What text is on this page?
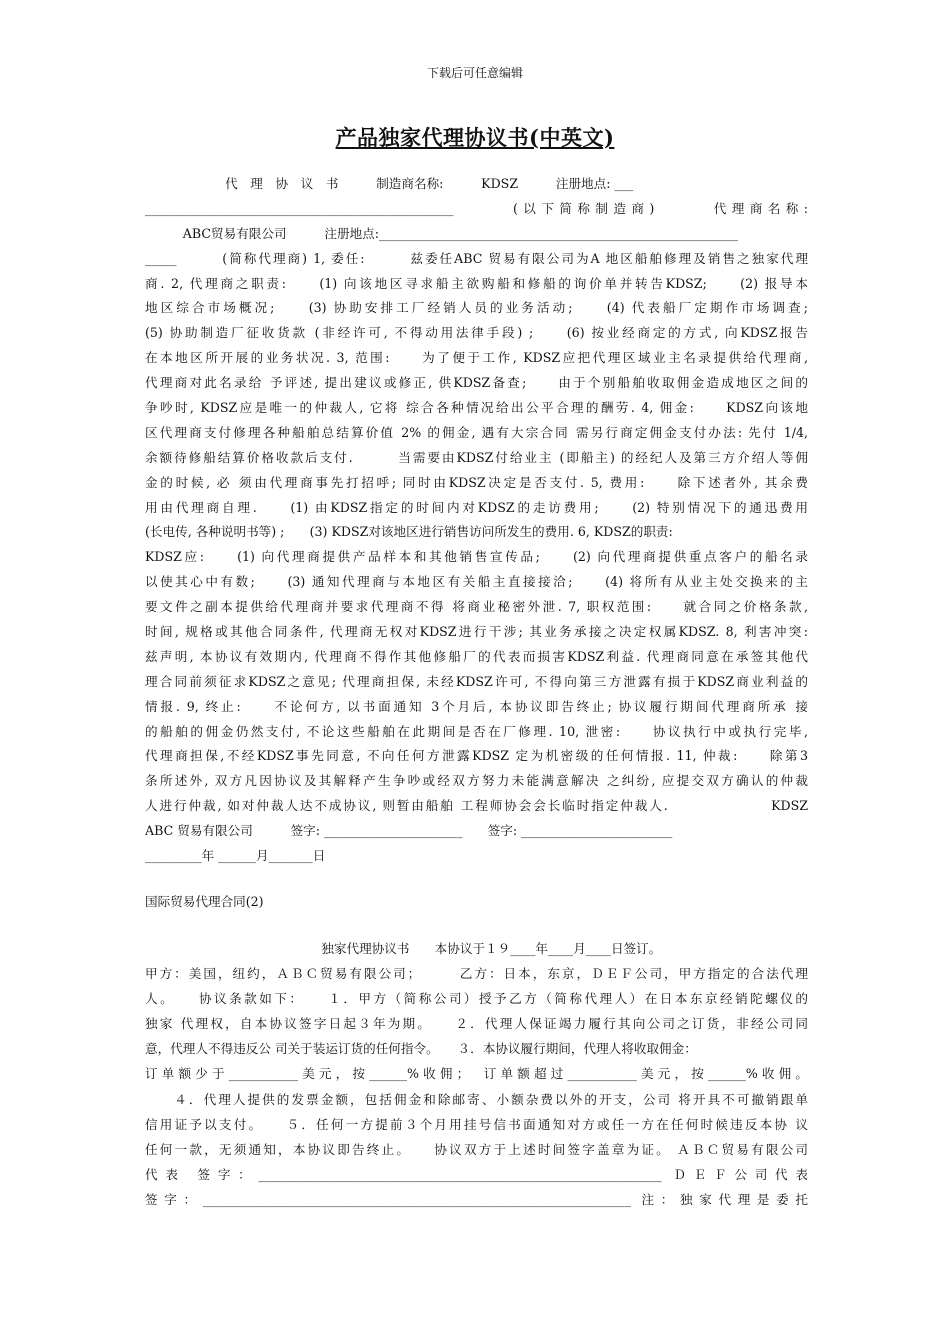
下载后可任意编辑
产品独家代理协议书(中英文)
代　理　协　议　书　　　制造商名称:　　　KDSZ　　　注册地点: ___
_________________________________________________　　　(以下简称制造商)　　　代理商名称:
　　　ABC贸易有限公司　　　注册地点:_________________________________________________________
_____　　　(简称代理商) 1, 委任:　　　兹委任ABC 贸易有限公司为A 地区船舶修理及销售之独家代理
商. 2, 代理商之职责:　　(1) 向该地区寻求船主欲购船和修船的询价单并转告KDSZ;　　(2) 报导本
地区综合市场概况;　　(3) 协助安排工厂经销人员的业务活动;　　(4) 代表船厂定期作市场调查;
(5) 协助制造厂征收货款 (非经许可, 不得动用法律手段) ;　　(6) 按业经商定的方式, 向KDSZ报告
在本地区所开展的业务状况. 3, 范围:　　为了便于工作, KDSZ应把代理区域业主名录提供给代理商,
代理商对此名录给 予评述, 提出建议或修正, 供KDSZ备查;　　由于个别船舶收取佣金造成地区之间的
争吵时, KDSZ应是唯一的仲裁人, 它将 综合各种情况给出公平合理的酬劳. 4, 佣金:　　KDSZ向该地
区代理商支付修理各种船舶总结算价值 2% 的佣金, 遇有大宗合同 需另行商定佣金支付办法: 先付 1/4,
余额待修船结算价格收款后支付.　　　当需要由KDSZ付给业主 (即船主) 的经纪人及第三方介绍人等佣
金的时候, 必 须由代理商事先打招呼; 同时由KDSZ决定是否支付. 5, 费用:　　除下述者外, 其余费
用由代理商自理.　　(1) 由KDSZ指定的时间内对KDSZ的走访费用;　　(2) 特别情况下的通迅费用
(长电传, 各种说明书等) ;　　(3) KDSZ对该地区进行销售访问所发生的费用. 6, KDSZ的职责:
KDSZ应:　　(1) 向代理商提供产品样本和其他销售宣传品;　　(2) 向代理商提供重点客户的船名录
以使其心中有数;　　(3) 通知代理商与本地区有关船主直接接洽;　　(4) 将所有从业主处交换来的主
要文件之副本提供给代理商并要求代理商不得 将商业秘密外泄. 7, 职权范围:　　就合同之价格条款,
时间, 规格或其他合同条件, 代理商无权对KDSZ进行干涉; 其业务承接之决定权属KDSZ. 8, 利害冲突:
兹声明, 本协议有效期内, 代理商不得作其他修船厂的代表而损害KDSZ利益. 代理商同意在承签其他代
理合同前须征求KDSZ之意见; 代理商担保, 未经KDSZ许可, 不得向第三方泄露有损于KDSZ商业利益的
情报. 9, 终止:　　不论何方, 以书面通知 3个月后, 本协议即告终止; 协议履行期间代理商所承 接
的船舶的佣金仍然支付, 不论这些船舶在此期间是否在厂修理. 10, 泄密:　　协议执行中或执行完毕,
代理商担保,不经KDSZ事先同意, 不向任何方泄露KDSZ 定为机密级的任何情报. 11, 仲裁:　　除第3
条所述外, 双方凡因协议及其解释产生争吵或经双方努力未能满意解决 之纠纷, 应提交双方确认的仲裁
人进行仲裁, 如对仲裁人达不成协议, 则暂由船舶 工程师协会会长临时指定仲裁人.　　　　　　　KDSZ
ABC 贸易有限公司　　　签字: ______________________　　签字: ________________________
_________年 ______月_______日
国际贸易代理合同(2)
　　　　　　　　　　　　　　独家代理协议书　　本协议于１９____年____月____日签订。
甲方：美国，纽约，ＡＢＣ贸易有限公司；　　　乙方：日本，东京，ＤＥＦ公司，甲方指定的合法代理
人。　　协议条款如下：　　１．甲方（简称公司）授予乙方（简称代理人）在日本东京经销陀螺仪的
独家 代理权，自本协议签字日起３年为期。　　２．代理人保证竭力履行其向公司之订货，非经公司同
意，代理人不得违反公 司关于装运订货的任何指令。　　３．本协议履行期间，代理人将收取佣金：
订单额少于___________美元，按______%收佣；　订单额超过___________美元，按______%收佣。
　　４．代理人提供的发票金额，包括佣金和除邮寄、小额杂费以外的开支，公司 将开具不可撤销跟单
信用证予以支付。　　５．任何一方提前３个月用挂号信书面通知对方或任一方在任何时候违反本协 议
任何一款，无须通知，本协议即告终止。　　协议双方于上述时间签字盖章为证。 ＡＢＣ贸易有限公司
代表 签字：________________________________________________________________ ＤＥＦ公司代表
签字：____________________________________________________________________ 注：独家代理是委托
